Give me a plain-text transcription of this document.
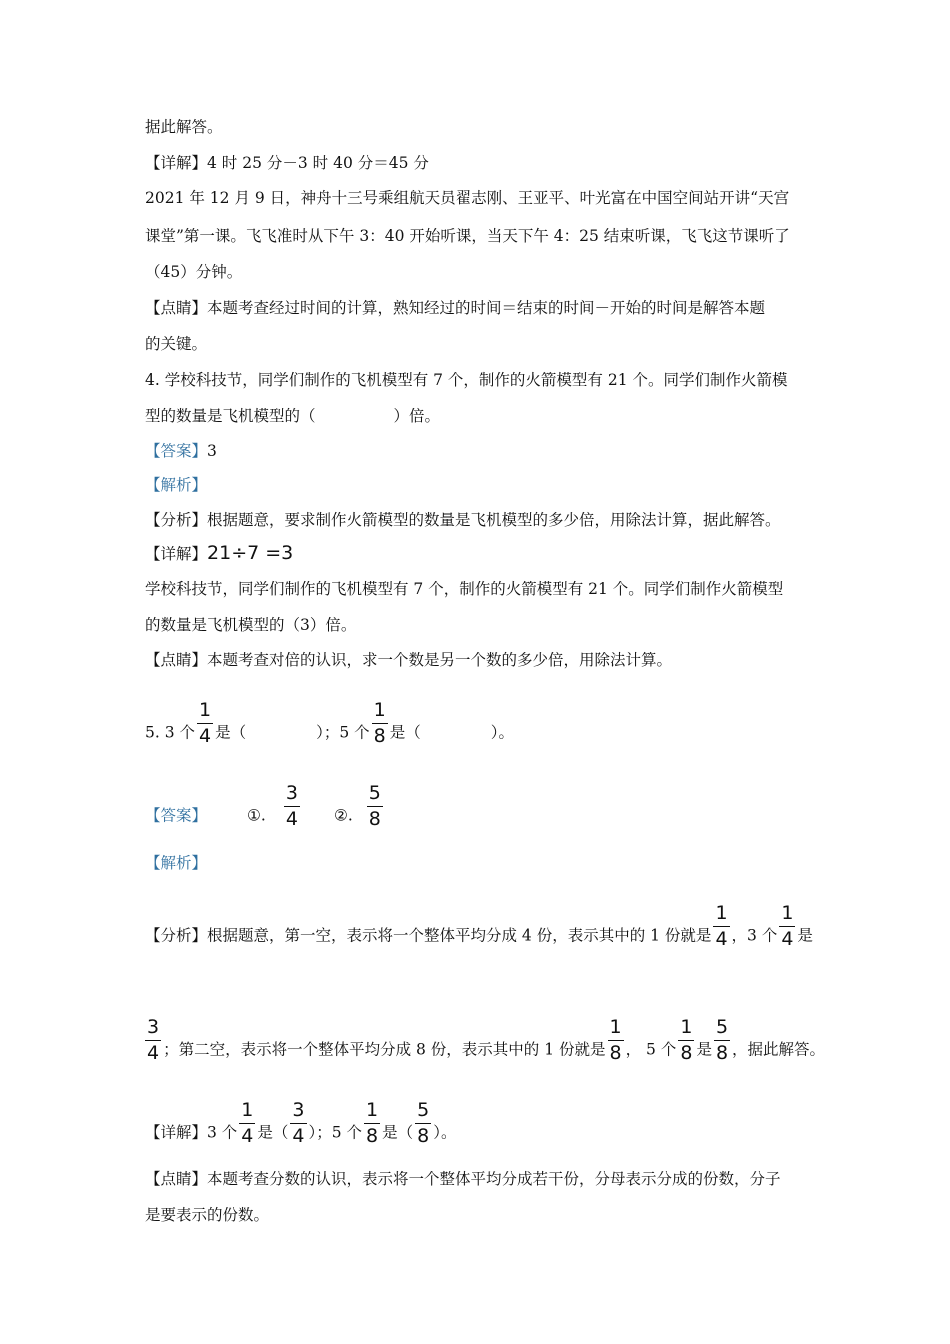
据此解答。
【详解】4 时 25 分－3 时 40 分＝45 分
2021 年 12 月 9 日，神舟十三号乘组航天员翟志刚、王亚平、叶光富在中国空间站开讲“天宫
课堂”第一课。飞飞准时从下午 3：40 开始听课，当天下午 4：25 结束听课，飞飞这节课听了
（45）分钟。
【点睛】本题考查经过时间的计算，熟知经过的时间＝结束的时间－开始的时间是解答本题
的关键。
4. 学校科技节，同学们制作的飞机模型有 7 个，制作的火箭模型有 21 个。同学们制作火箭模
型的数量是飞机模型的（	）倍。
【答案】3
【解析】
【分析】根据题意，要求制作火箭模型的数量是飞机模型的多少倍，用除法计算，据此解答。
【详解】21÷7 =3
学校科技节，同学们制作的飞机模型有 7 个，制作的火箭模型有 21 个。同学们制作火箭模型
的数量是飞机模型的（3）倍。
【点睛】本题考查对倍的认识，求一个数是另一个数的多少倍，用除法计算。
5. 3 个 $\frac{1}{4}$ 是（	）；5 个 $\frac{1}{8}$ 是（	）。
【答案】	①. $\frac{3}{4}$ ②. $\frac{5}{8}$
【解析】
【分析】根据题意，第一空，表示将一个整体平均分成 4 份，表示其中的 1 份就是 $\frac{1}{4}$ ，3 个 $\frac{1}{4}$ 是
$\frac{3}{4}$ ；第二空，表示将一个整体平均分成 8 份，表示其中的 1 份就是 $\frac{1}{8}$ ， 5 个 $\frac{1}{8}$ 是 $\frac{5}{8}$ ，据此解答。
【详解】3 个 $\frac{1}{4}$ 是（ $\frac{3}{4}$ ）；5 个 $\frac{1}{8}$ 是（ $\frac{5}{8}$ ）。
【点睛】本题考查分数的认识，表示将一个整体平均分成若干份，分母表示分成的份数，分子
是要表示的份数。
